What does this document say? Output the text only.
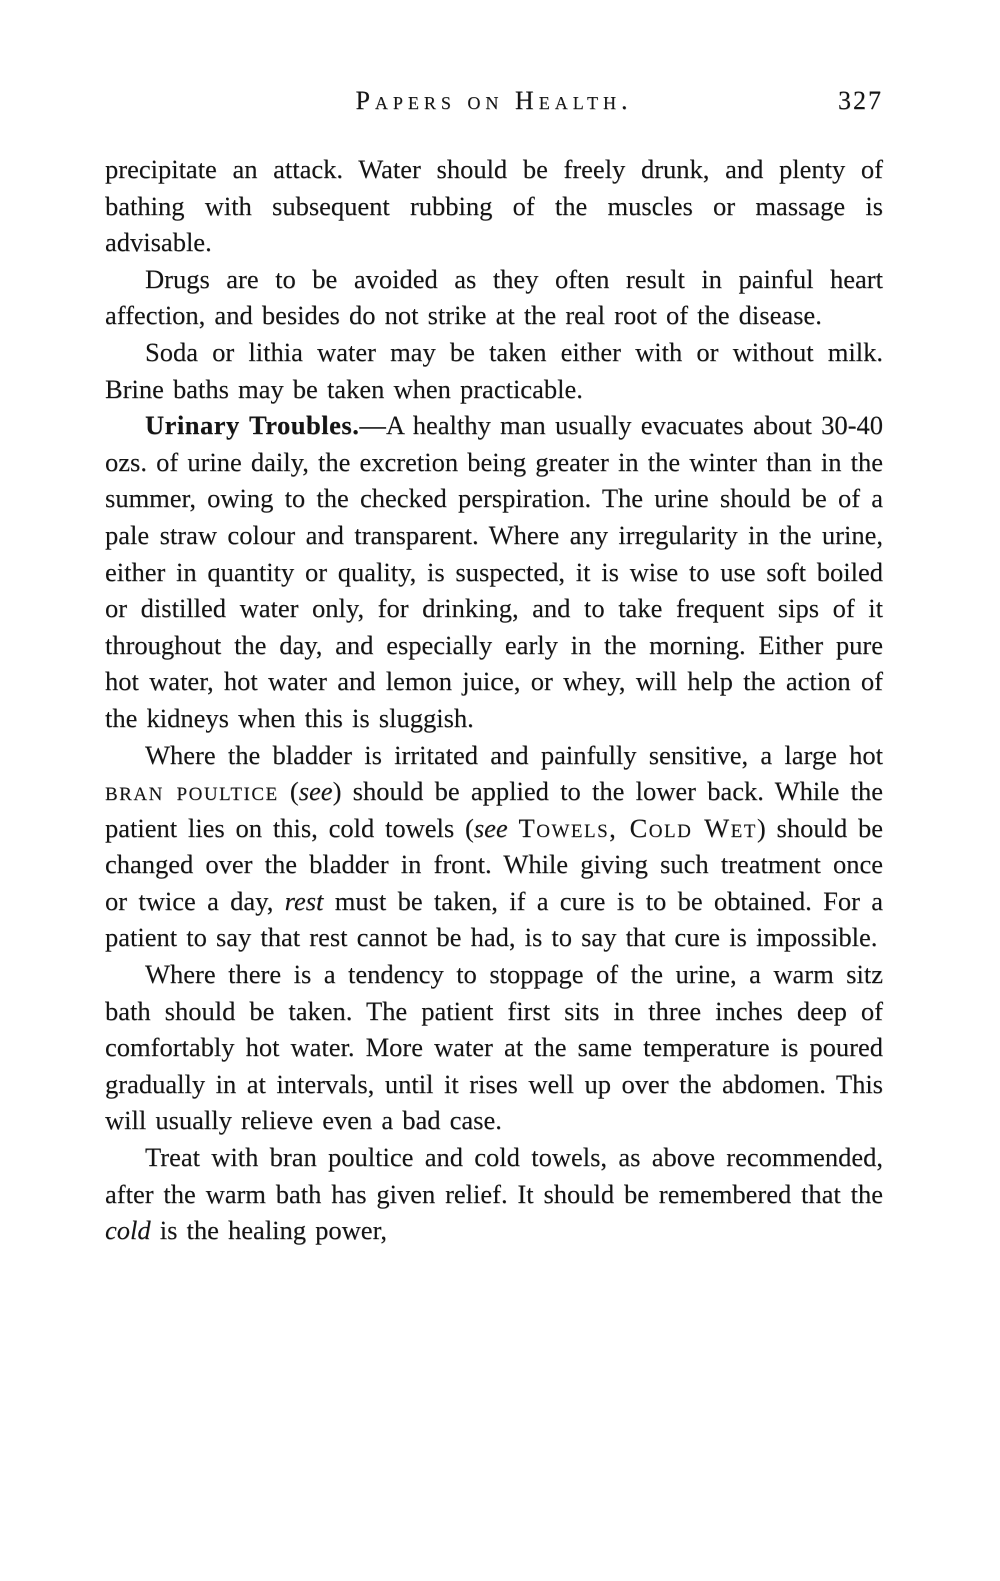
Papers on Health.	327

precipitate an attack. Water should be freely drunk, and plenty of bathing with subsequent rubbing of the muscles or massage is advisable.

Drugs are to be avoided as they often result in painful heart affection, and besides do not strike at the real root of the disease.

Soda or lithia water may be taken either with or without milk. Brine baths may be taken when practicable.

Urinary Troubles.—A healthy man usually evacuates about 30-40 ozs. of urine daily, the excretion being greater in the winter than in the summer, owing to the checked perspiration. The urine should be of a pale straw colour and transparent. Where any irregularity in the urine, either in quantity or quality, is suspected, it is wise to use soft boiled or distilled water only, for drinking, and to take frequent sips of it throughout the day, and especially early in the morning. Either pure hot water, hot water and lemon juice, or whey, will help the action of the kidneys when this is sluggish.

Where the bladder is irritated and painfully sensitive, a large hot bran poultice (see) should be applied to the lower back. While the patient lies on this, cold towels (see Towels, Cold Wet) should be changed over the bladder in front. While giving such treatment once or twice a day, rest must be taken, if a cure is to be obtained. For a patient to say that rest cannot be had, is to say that cure is impossible.

Where there is a tendency to stoppage of the urine, a warm sitz bath should be taken. The patient first sits in three inches deep of comfortably hot water. More water at the same temperature is poured gradually in at intervals, until it rises well up over the abdomen. This will usually relieve even a bad case.

Treat with bran poultice and cold towels, as above recommended, after the warm bath has given relief. It should be remembered that the cold is the healing power,
